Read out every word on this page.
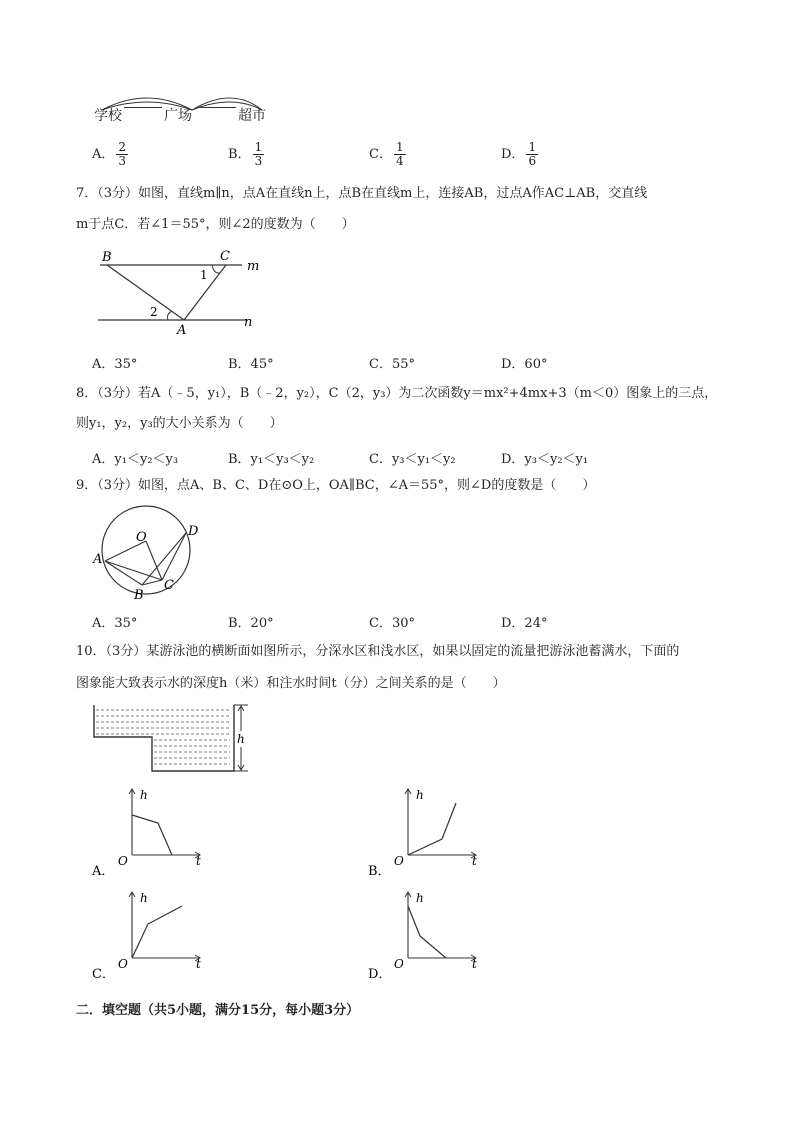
学校	广场	超市
A． $\frac{2}{3}$	B． $\frac{1}{3}$	C． $\frac{1}{4}$	D． $\frac{1}{6}$
7．（3分）如图，直线m∥n，点A在直线n上，点B在直线m上，连接AB，过点A作AC⊥AB，交直线
m于点C．若∠1＝55°，则∠2的度数为（　　）
B	C
m
n
A
1
2
A．35°	B．45°	C．55°	D．60°
8．（3分）若A（﹣5，y₁），B（﹣2，y₂），C（2，y₃）为二次函数y＝mx²+4mx+3（m＜0）图象上的三点，
则y₁，y₂，y₃的大小关系为（　　）
A．y₁＜y₂＜y₃	B．y₁＜y₃＜y₂	C．y₃＜y₁＜y₂	D．y₃＜y₂＜y₁
9．（3分）如图，点A、B、C、D在⊙O上，OA∥BC，∠A＝55°，则∠D的度数是（　　）
O	D
A
B
C
A．35°	B．20°	C．30°	D．24°
10．（3分）某游泳池的横断面如图所示，分深水区和浅水区，如果以固定的流量把游泳池蓄满水，下面的
图象能大致表示水的深度h（米）和注水时间t（分）之间关系的是（　　）
h
h
O	t
A．
h
O	t
B．
h
O	t
C．
h
O	t
D．
二．填空题（共5小题，满分15分，每小题3分）
